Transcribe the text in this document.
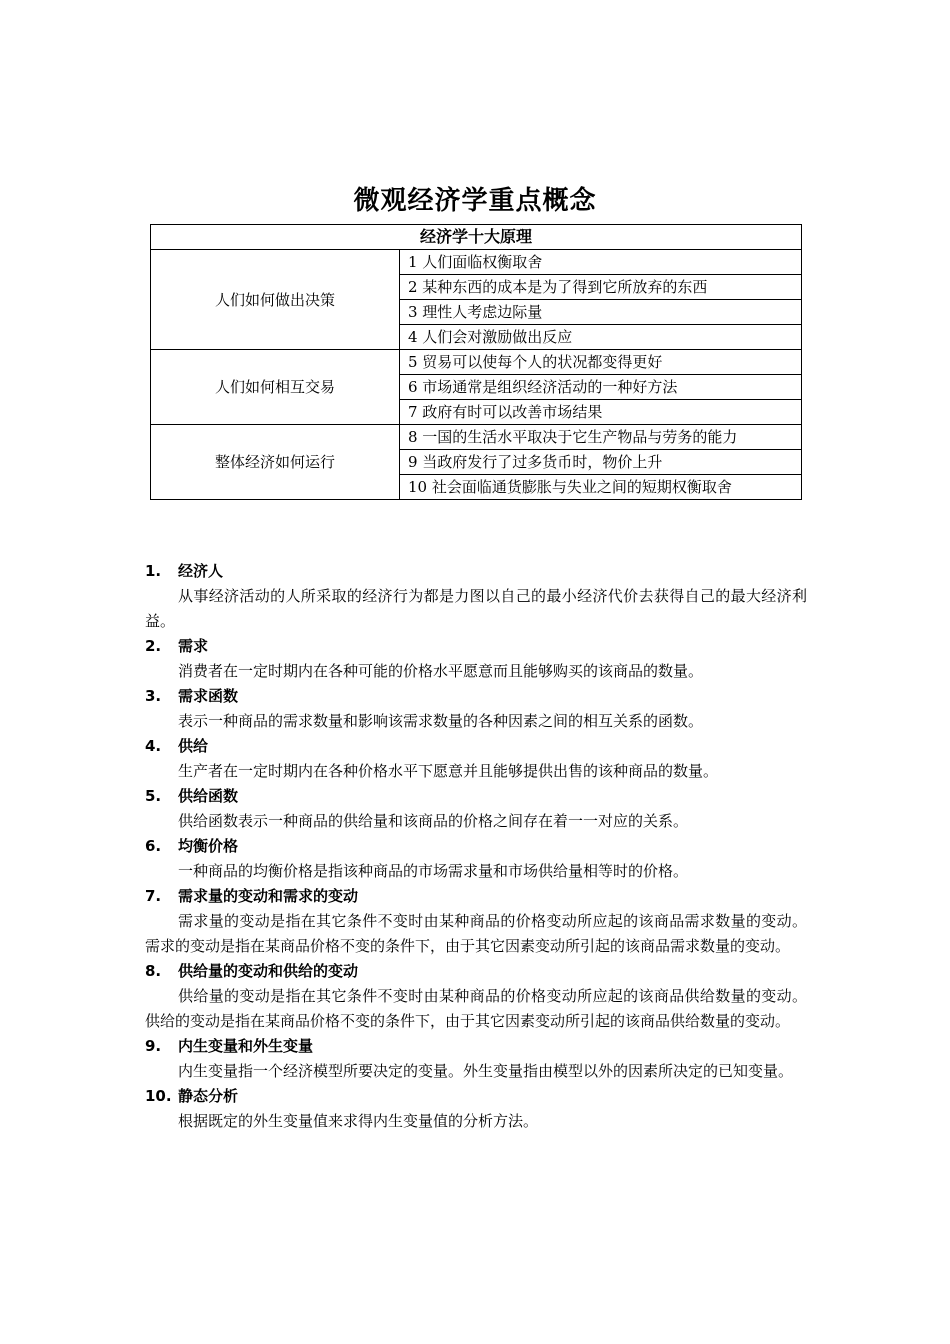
微观经济学重点概念
经济学十大原理	
人们如何做出决策	1 人们面临权衡取舍
	2 某种东西的成本是为了得到它所放弃的东西
	3 理性人考虑边际量
	4 人们会对激励做出反应
人们如何相互交易	5 贸易可以使每个人的状况都变得更好
	6 市场通常是组织经济活动的一种好方法
	7 政府有时可以改善市场结果
整体经济如何运行	8 一国的生活水平取决于它生产物品与劳务的能力
	9 当政府发行了过多货币时，物价上升
	10 社会面临通货膨胀与失业之间的短期权衡取舍
1.	经济人
从事经济活动的人所采取的经济行为都是力图以自己的最小经济代价去获得自己的最大经济利益。
2.	需求
消费者在一定时期内在各种可能的价格水平愿意而且能够购买的该商品的数量。
3.	需求函数
表示一种商品的需求数量和影响该需求数量的各种因素之间的相互关系的函数。
4.	供给
生产者在一定时期内在各种价格水平下愿意并且能够提供出售的该种商品的数量。
5.	供给函数
供给函数表示一种商品的供给量和该商品的价格之间存在着一一对应的关系。
6.	均衡价格
一种商品的均衡价格是指该种商品的市场需求量和市场供给量相等时的价格。
7.	需求量的变动和需求的变动
需求量的变动是指在其它条件不变时由某种商品的价格变动所应起的该商品需求数量的变动。需求的变动是指在某商品价格不变的条件下，由于其它因素变动所引起的该商品需求数量的变动。
8.	供给量的变动和供给的变动
供给量的变动是指在其它条件不变时由某种商品的价格变动所应起的该商品供给数量的变动。供给的变动是指在某商品价格不变的条件下，由于其它因素变动所引起的该商品供给数量的变动。
9.	内生变量和外生变量
内生变量指一个经济模型所要决定的变量。外生变量指由模型以外的因素所决定的已知变量。
10. 静态分析
根据既定的外生变量值来求得内生变量值的分析方法。
